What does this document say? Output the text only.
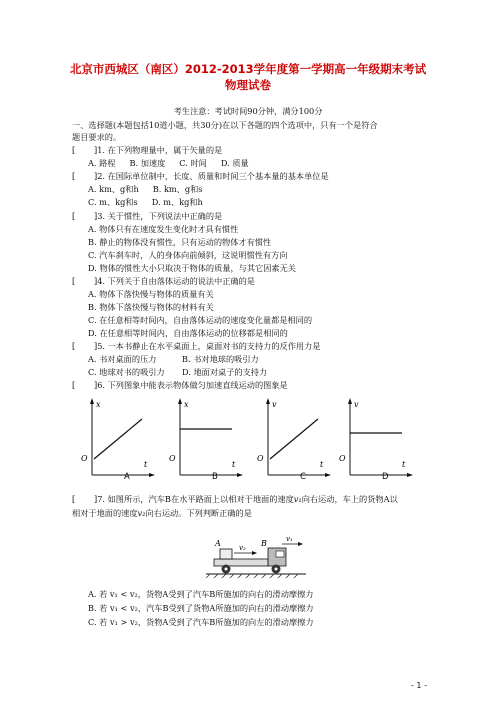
北京市西城区（南区）2012-2013学年度第一学期高一年级期末考试
物理试卷
考生注意：考试时间90分钟，满分100分
一、选择题(本题包括10道小题，共30分)在以下各题的四个选项中，只有一个是符合
题目要求的。
[ ]1. 在下列物理量中，属于矢量的是
A. 路程 B. 加速度 C. 时间 D. 质量
[ ]2. 在国际单位制中，长度、质量和时间三个基本量的基本单位是
A. km、g和h B. km、g和s
C. m、kg和s D. m、kg和h
[ ]3. 关于惯性，下列说法中正确的是
A. 物体只有在速度发生变化时才具有惯性
B. 静止的物体没有惯性，只有运动的物体才有惯性
C. 汽车刹车时，人的身体向前倾斜，这说明惯性有方向
D. 物体的惯性大小只取决于物体的质量，与其它因素无关
[ ]4. 下列关于自由落体运动的说法中正确的是
A. 物体下落快慢与物体的质量有关
B. 物体下落快慢与物体的材料有关
C. 在任意相等时间内，自由落体运动的速度变化量都是相同的
D. 在任意相等时间内，自由落体运动的位移都是相同的
[ ]5. 一本书静止在水平桌面上，桌面对书的支持力的反作用力是
A. 书对桌面的压力	B. 书对地球的吸引力
C. 地球对书的吸引力 D. 地面对桌子的支持力
[ ]6. 下列图象中能表示物体做匀加速直线运动的图象是
x
O
t
x
O
t
v
O
t
v
O
t
A	B	C	D
[ ]7. 如图所示，汽车B在水平路面上以相对于地面的速度v₁向右运动，车上的货物A以
相对于地面的速度v₂向右运动。下列判断正确的是
A	B
v₂
v₁
A. 若 v₁ < v₂，货物A受到了汽车B所施加的向右的滑动摩擦力
B. 若 v₁ < v₂，汽车B受到了货物A所施加的向右的滑动摩擦力
C. 若 v₁ > v₂，货物A受到了汽车B所施加的向左的滑动摩擦力
- 1 -
